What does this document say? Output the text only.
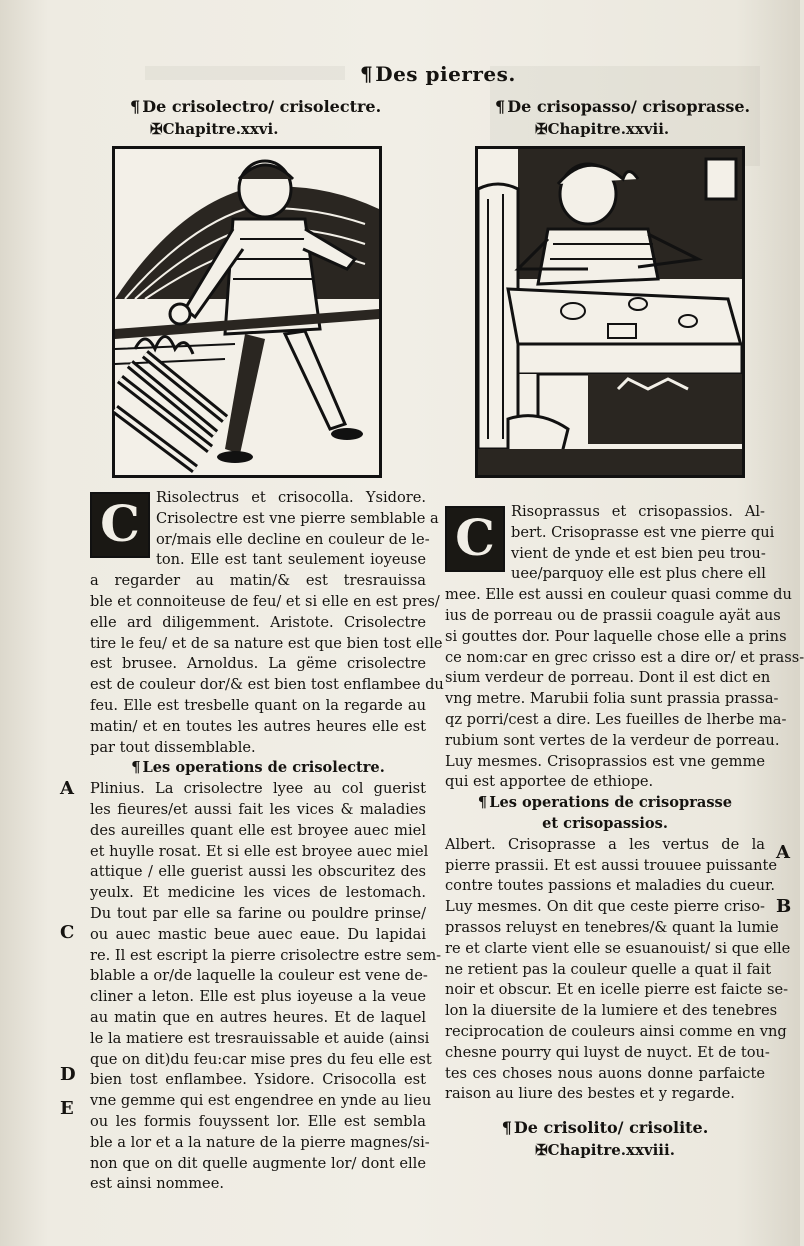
¶ Des pierres.
¶ De crisolectro/ crisolectre.
✠Chapitre.xxvi.
C	Risolectrus et crisocolla. Ysidore.
Crisolectre est vne pierre semblable a
or/mais elle decline en couleur de le-
ton. Elle est tant seulement ioyeuse
a regarder au matin/& est tresrauissa
ble et connoiteuse de feu/ et si elle en est pres/
elle ard diligemment. Aristote. Crisolectre
tire le feu/ et de sa nature est que bien tost elle
est brusee. Arnoldus. La gëme crisolectre
est de couleur dor/& est bien tost enflambee du
feu. Elle est tresbelle quant on la regarde au
matin/ et en toutes les autres heures elle est
par tout dissemblable.
¶ Les operations de crisolectre.
Plinius. La crisolectre lyee au col guerist
les fieures/et aussi fait les vices & maladies
des aureilles quant elle est broyee auec miel
et huylle rosat. Et si elle est broyee auec miel
attique / elle guerist aussi les obscuritez des
yeulx. Et medicine les vices de lestomach.
Du tout par elle sa farine ou pouldre prinse/
ou auec mastic beue auec eaue. Du lapidai
re. Il est escript la pierre crisolectre estre sem-
blable a or/de laquelle la couleur est vene de-
cliner a leton. Elle est plus ioyeuse a la veue
au matin que en autres heures. Et de laquel
le la matiere est tresrauissable et auide (ainsi
que on dit)du feu:car mise pres du feu elle est
bien tost enflambee. Ysidore. Crisocolla est
vne gemme qui est engendree en ynde au lieu
ou les formis fouyssent lor. Elle est sembla
ble a lor et a la nature de la pierre magnes/si-
non que on dit quelle augmente lor/ dont elle
est ainsi nommee.
¶ De crisopasso/ crisoprasse.
✠Chapitre.xxvii.
C	Risoprassus et crisopassios. Al-
bert. Crisoprasse est vne pierre qui
vient de ynde et est bien peu trou-
uee/parquoy elle est plus chere ell
mee. Elle est aussi en couleur quasi comme du
ius de porreau ou de prassii coagule ayät aus
si gouttes dor. Pour laquelle chose elle a prins
ce nom:car en grec crisso est a dire or/ et prass-
sium verdeur de porreau. Dont il est dict en
vng metre. Marubii folia sunt prassia prassa-
qz porri/cest a dire. Les fueilles de lherbe ma-
rubium sont vertes de la verdeur de porreau.
Luy mesmes. Crisoprassios est vne gemme
qui est apportee de ethiope.
¶ Les operations de crisoprasse
et crisopassios.
Albert. Crisoprasse a les vertus de la
pierre prassii. Et est aussi trouuee puissante
contre toutes passions et maladies du cueur.
Luy mesmes. On dit que ceste pierre criso-
prassos reluyst en tenebres/& quant la lumie
re et clarte vient elle se esuanouist/ si que elle
ne retient pas la couleur quelle a quat il fait
noir et obscur. Et en icelle pierre est faicte se-
lon la diuersite de la lumiere et des tenebres
reciprocation de couleurs ainsi comme en vng
chesne pourry qui luyst de nuyct. Et de tou-
tes ces choses nous auons donne parfaicte
raison au liure des bestes et y regarde.
¶ De crisolito/ crisolite.
✠Chapitre.xxviii.
A
C
D
E
A
B
